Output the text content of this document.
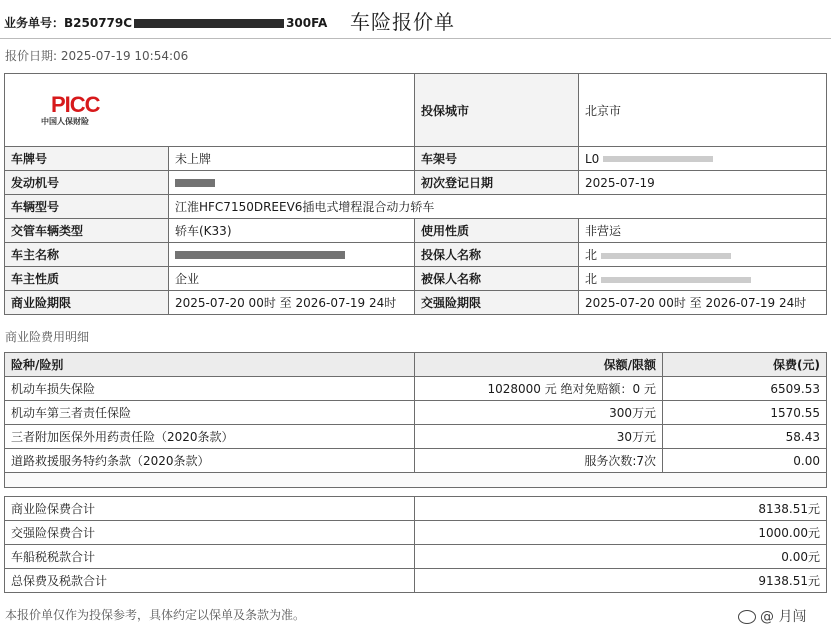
业务单号：B250779C	300FA 车险报价单
报价日期: 2025-07-19 10:54:06
PICC
中国人保财险		投保城市	北京市
车牌号	未上牌	车架号	L0
发动机号		初次登记日期	2025-07-19
车辆型号	江淮HFC7150DREEV6插电式增程混合动力轿车		
交管车辆类型	轿车(K33)	使用性质	非营运
车主名称		投保人名称	北
车主性质	企业	被保人名称	北
商业险期限	2025-07-20 00时 至 2026-07-19 24时	交强险期限	2025-07-20 00时 至 2026-07-19 24时
商业险费用明细
险种/险别	保额/限额	保费(元)
机动车损失保险	1028000 元 绝对免赔额：0 元	6509.53
机动车第三者责任保险	300万元	1570.55
三者附加医保外用药责任险（2020条款）	30万元	58.43
道路救援服务特约条款（2020条款）	服务次数:7次	0.00

商业险保费合计	8138.51元
交强险保费合计	1000.00元
车船税税款合计	0.00元
总保费及税款合计	9138.51元
本报价单仅作为投保参考，具体约定以保单及条款为准。	@ 月闯
